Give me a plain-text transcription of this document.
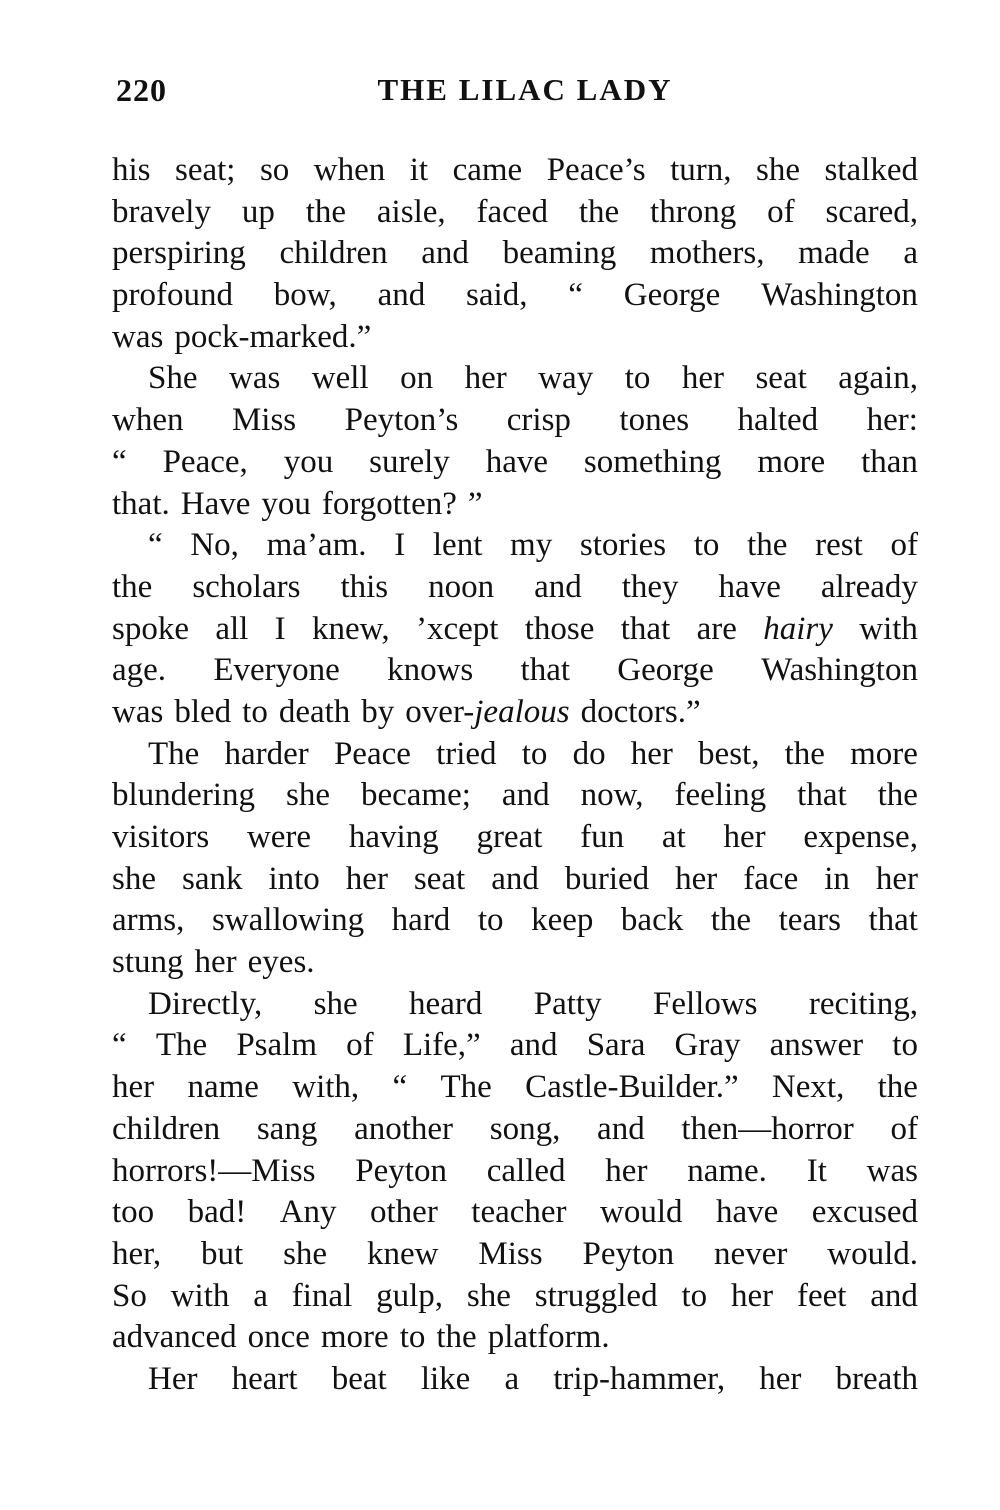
220	THE LILAC LADY
his seat; so when it came Peace’s turn, she stalked
bravely up the aisle, faced the throng of scared,
perspiring children and beaming mothers, made a
profound bow, and said, “ George Washington
was pock-marked.”
She was well on her way to her seat again,
when Miss Peyton’s crisp tones halted her:
“ Peace, you surely have something more than
that. Have you forgotten? ”
“ No, ma’am. I lent my stories to the rest of
the scholars this noon and they have already
spoke all I knew, ’xcept those that are hairy with
age. Everyone knows that George Washington
was bled to death by over-jealous doctors.”
The harder Peace tried to do her best, the more
blundering she became; and now, feeling that the
visitors were having great fun at her expense,
she sank into her seat and buried her face in her
arms, swallowing hard to keep back the tears that
stung her eyes.
Directly, she heard Patty Fellows reciting,
“ The Psalm of Life,” and Sara Gray answer to
her name with, “ The Castle-Builder.” Next, the
children sang another song, and then—horror of
horrors!—Miss Peyton called her name. It was
too bad! Any other teacher would have excused
her, but she knew Miss Peyton never would.
So with a final gulp, she struggled to her feet and
advanced once more to the platform.
Her heart beat like a trip-hammer, her breath
